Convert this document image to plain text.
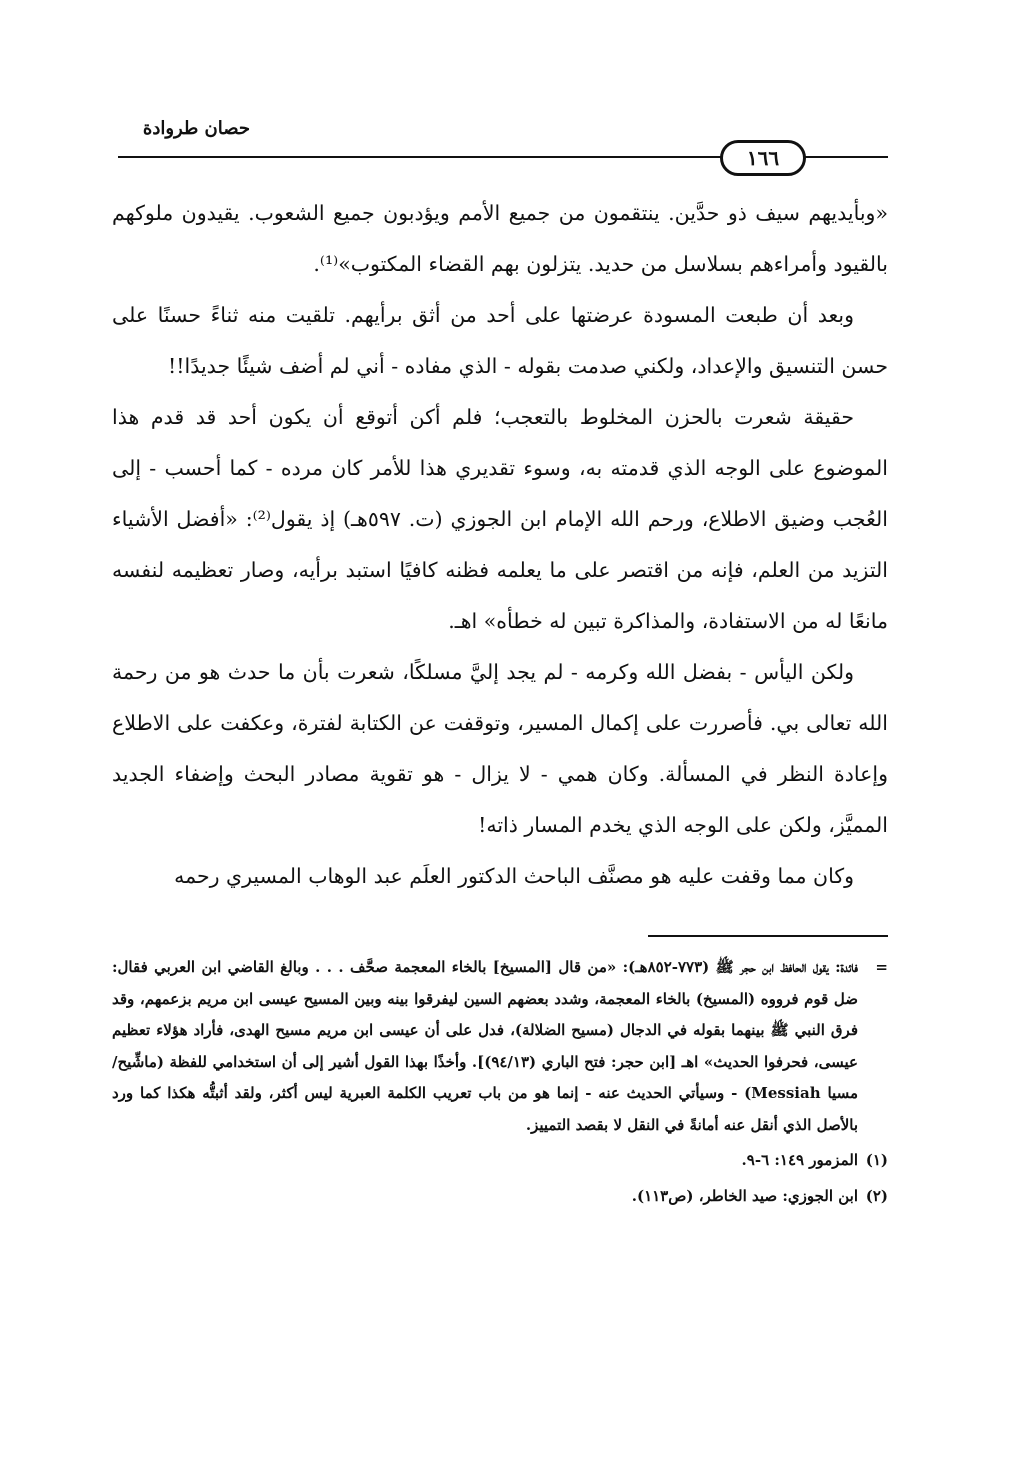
حصان طروادة
١٦٦

«وبأيديهم سيف ذو حدَّين. ينتقمون من جميع الأمم ويؤدبون جميع الشعوب. يقيدون ملوكهم بالقيود وأمراءهم بسلاسل من حديد. يتزلون بهم القضاء المكتوب»⁽¹⁾.

وبعد أن طبعت المسودة عرضتها على أحد من أثق برأيهم. تلقيت منه ثناءً حسنًا على حسن التنسيق والإعداد، ولكني صدمت بقوله - الذي مفاده - أني لم أضف شيئًا جديدًا!!

حقيقة شعرت بالحزن المخلوط بالتعجب؛ فلم أكن أتوقع أن يكون أحد قد قدم هذا الموضوع على الوجه الذي قدمته به، وسوء تقديري هذا للأمر كان مرده - كما أحسب - إلى العُجب وضيق الاطلاع، ورحم الله الإمام ابن الجوزي (ت. ٥٩٧هـ) إذ يقول⁽²⁾: «أفضل الأشياء التزيد من العلم، فإنه من اقتصر على ما يعلمه فظنه كافيًا استبد برأيه، وصار تعظيمه لنفسه مانعًا له من الاستفادة، والمذاكرة تبين له خطأه» اهـ.

ولكن اليأس - بفضل الله وكرمه - لم يجد إليَّ مسلكًا، شعرت بأن ما حدث هو من رحمة الله تعالى بي. فأصررت على إكمال المسير، وتوقفت عن الكتابة لفترة، وعكفت على الاطلاع وإعادة النظر في المسألة. وكان همي - لا يزال - هو تقوية مصادر البحث وإضفاء الجديد المميَّز، ولكن على الوجه الذي يخدم المسار ذاته!

وكان مما وقفت عليه هو مصنَّف الباحث الدكتور العلَم عبد الوهاب المسيري رحمه

=
فائدة: يقول الحافظ ابن حجر ﷺ (٧٧٣-٨٥٢هـ): «من قال [المسيخ] بالخاء المعجمة صحَّف . . . وبالغ القاضي ابن العربي فقال: ضل قوم فرووه (المسيخ) بالخاء المعجمة، وشدد بعضهم السين ليفرقوا بينه وبين المسيح عيسى ابن مريم بزعمهم، وقد فرق النبي ﷺ بينهما بقوله في الدجال (مسيح الضلالة)، فدل على أن عيسى ابن مريم مسيح الهدى، فأراد هؤلاء تعظيم عيسى، فحرفوا الحديث» اهـ [ابن حجر: فتح الباري (٩٤/١٣)]. وأخذًا بهذا القول أشير إلى أن استخدامي للفظة (ماشِّيح/مسيا Messiah) - وسيأتي الحديث عنه - إنما هو من باب تعريب الكلمة العبرية ليس أكثر، ولقد أثبتُّه هكذا كما ورد بالأصل الذي أنقل عنه أمانةً في النقل لا بقصد التمييز.
(١)
المزمور ١٤٩: ٦-٩.
(٢)
ابن الجوزي: صيد الخاطر، (ص١١٣).
